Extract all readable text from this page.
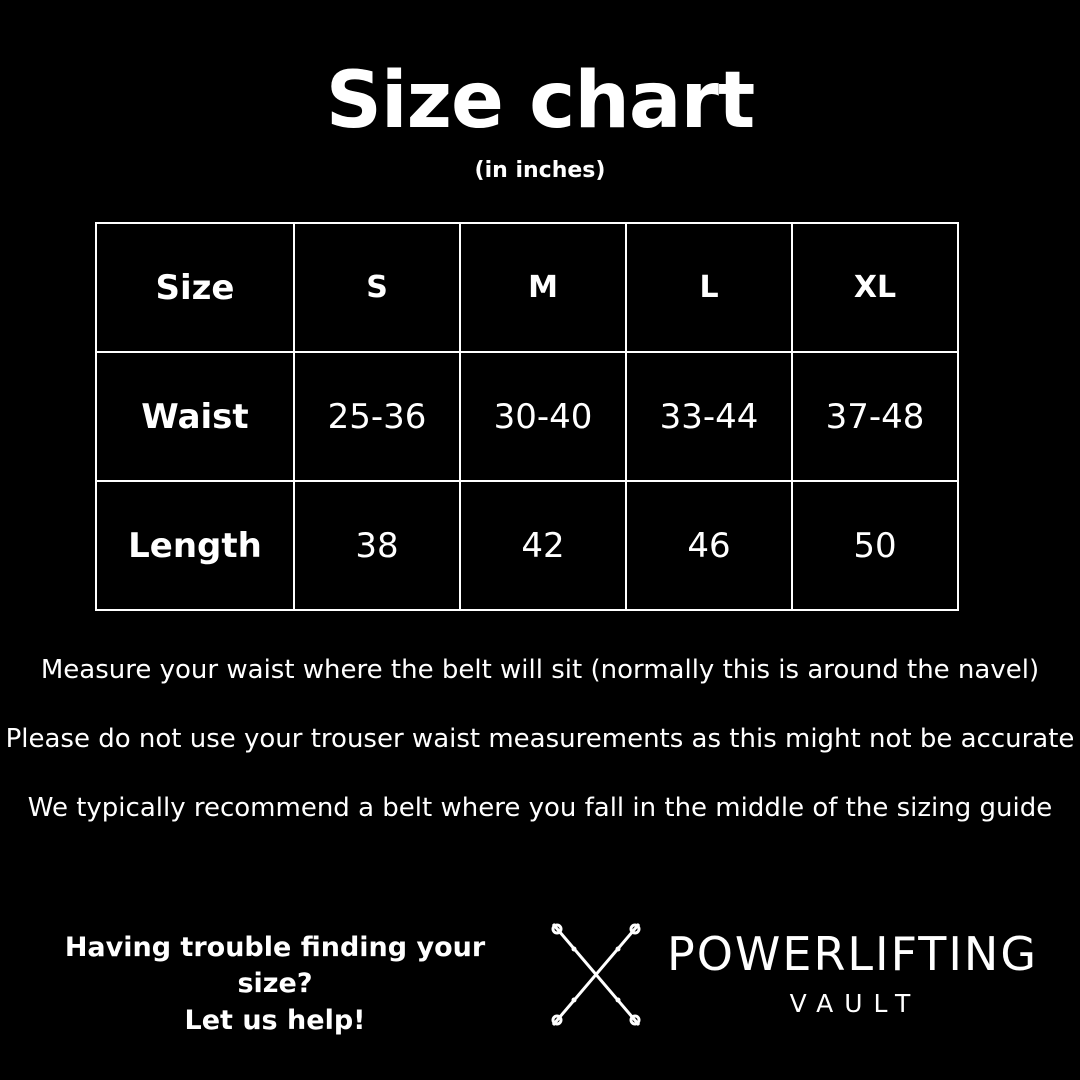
Size chart

(in inches)

Size	S	M	L	XL
Waist	25-36	30-40	33-44	37-48
Length	38	42	46	50

Measure your waist where the belt will sit (normally this is around the navel)

Please do not use your trouser waist measurements as this might not be accurate

We typically recommend a belt where you fall in the middle of the sizing guide

Having trouble finding your size?
Let us help!
POWERLIFTING
VAULT
